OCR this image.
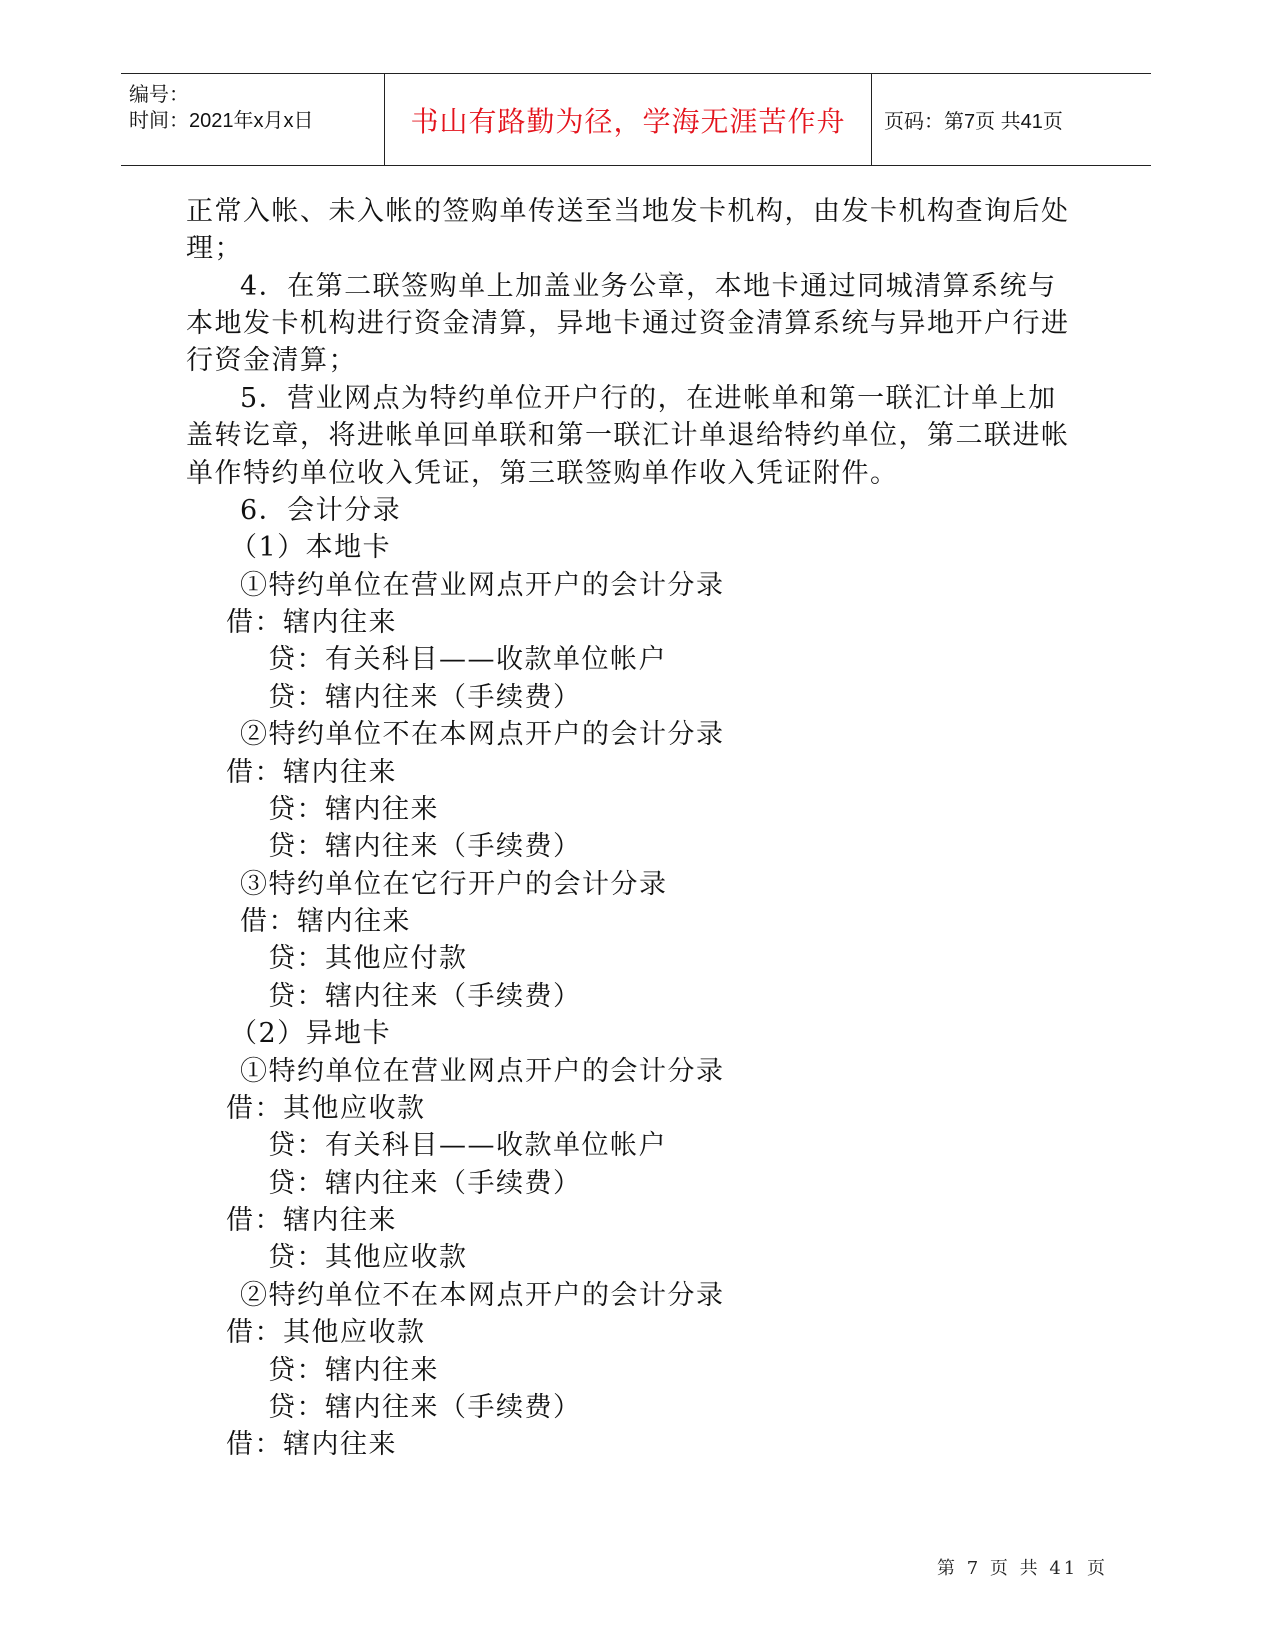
编号：
时间：2021年x月x日	书山有路勤为径，学海无涯苦作舟 页码：第7页 共41页
正常入帐、未入帐的签购单传送至当地发卡机构，由发卡机构查询后处
理；
4．在第二联签购单上加盖业务公章，本地卡通过同城清算系统与
本地发卡机构进行资金清算，异地卡通过资金清算系统与异地开户行进
行资金清算；
5．营业网点为特约单位开户行的，在进帐单和第一联汇计单上加
盖转讫章，将进帐单回单联和第一联汇计单退给特约单位，第二联进帐
单作特约单位收入凭证，第三联签购单作收入凭证附件。
6．会计分录
（1）本地卡
①特约单位在营业网点开户的会计分录
借：辖内往来
贷：有关科目——收款单位帐户
贷：辖内往来（手续费）
②特约单位不在本网点开户的会计分录
借：辖内往来
贷：辖内往来
贷：辖内往来（手续费）
③特约单位在它行开户的会计分录
借：辖内往来
贷：其他应付款
贷：辖内往来（手续费）
（2）异地卡
①特约单位在营业网点开户的会计分录
借：其他应收款
贷：有关科目——收款单位帐户
贷：辖内往来（手续费）
借：辖内往来
贷：其他应收款
②特约单位不在本网点开户的会计分录
借：其他应收款
贷：辖内往来
贷：辖内往来（手续费）
借：辖内往来
第 7 页 共 41 页
